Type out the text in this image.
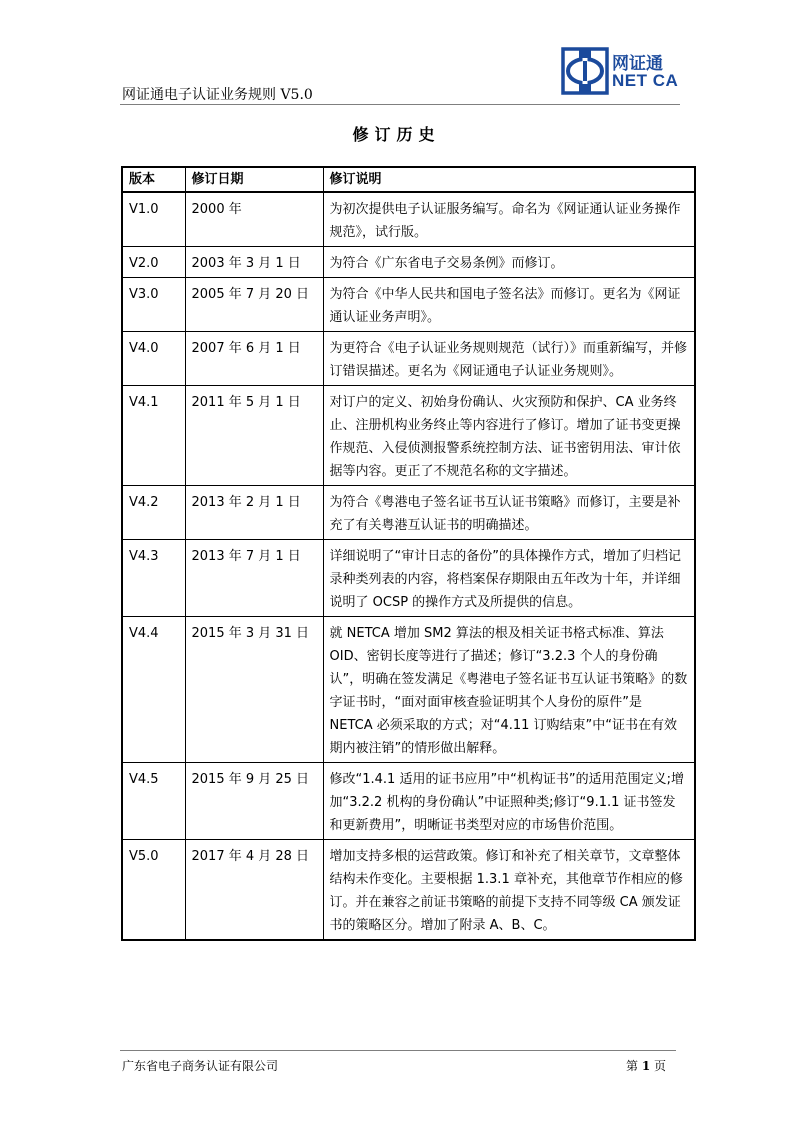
网证通电子认证业务规则 V5.0
网证通
NET CA
修订历史
版本	修订日期	修订说明
V1.0	2000 年	为初次提供电子认证服务编写。命名为《网证通认证业务操作规范》，试行版。
V2.0	2003 年 3 月 1 日	为符合《广东省电子交易条例》而修订。
V3.0	2005 年 7 月 20 日	为符合《中华人民共和国电子签名法》而修订。更名为《网证通认证业务声明》。
V4.0	2007 年 6 月 1 日	为更符合《电子认证业务规则规范（试行）》而重新编写，并修订错误描述。更名为《网证通电子认证业务规则》。
V4.1	2011 年 5 月 1 日	对订户的定义、初始身份确认、火灾预防和保护、CA 业务终止、注册机构业务终止等内容进行了修订。增加了证书变更操作规范、入侵侦测报警系统控制方法、证书密钥用法、审计依据等内容。更正了不规范名称的文字描述。
V4.2	2013 年 2 月 1 日	为符合《粤港电子签名证书互认证书策略》而修订，主要是补充了有关粤港互认证书的明确描述。
V4.3	2013 年 7 月 1 日	详细说明了“审计日志的备份”的具体操作方式，增加了归档记录种类列表的内容，将档案保存期限由五年改为十年，并详细说明了 OCSP 的操作方式及所提供的信息。
V4.4	2015 年 3 月 31 日	就 NETCA 增加 SM2 算法的根及相关证书格式标准、算法 OID、密钥长度等进行了描述；修订“3.2.3 个人的身份确认”，明确在签发满足《粤港电子签名证书互认证书策略》的数字证书时，“面对面审核查验证明其个人身份的原件”是 NETCA 必须采取的方式；对“4.11 订购结束”中“证书在有效期内被注销”的情形做出解释。
V4.5	2015 年 9 月 25 日	修改“1.4.1 适用的证书应用”中“机构证书”的适用范围定义;增加“3.2.2 机构的身份确认”中证照种类;修订“9.1.1 证书签发和更新费用”，明晰证书类型对应的市场售价范围。
V5.0	2017 年 4 月 28 日	增加支持多根的运营政策。修订和补充了相关章节，文章整体结构未作变化。主要根据 1.3.1 章补充，其他章节作相应的修订。并在兼容之前证书策略的前提下支持不同等级 CA 颁发证书的策略区分。增加了附录 A、B、C。
广东省电子商务认证有限公司	第 1 页
